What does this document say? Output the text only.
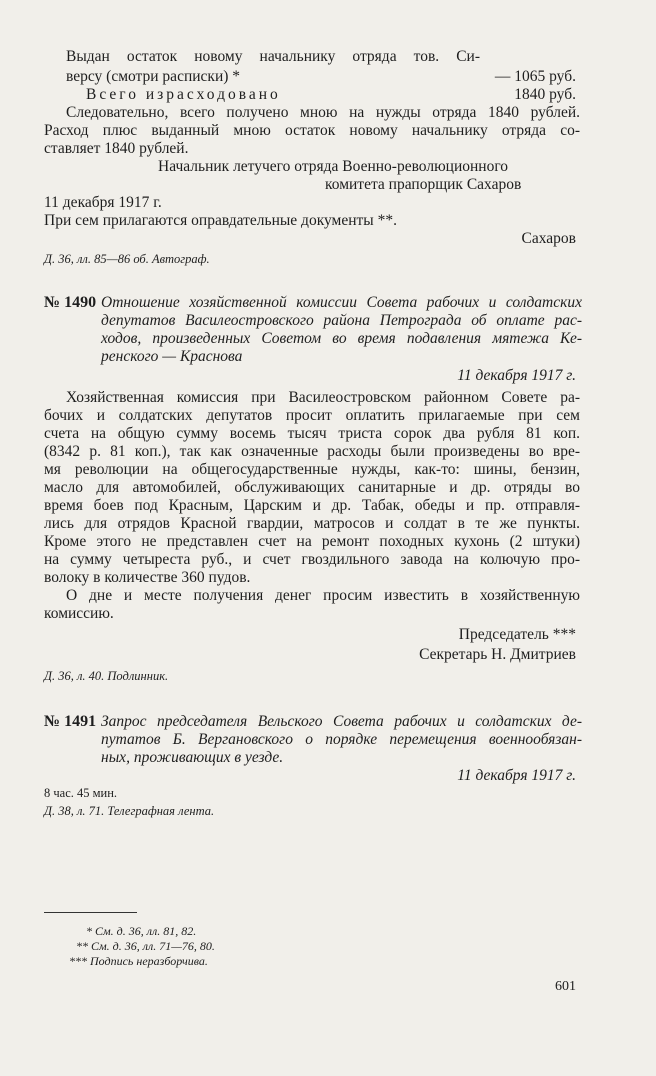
Выдан остаток новому начальнику отряда тов. Си-
версу (смотри расписки) *	— 1065 руб.
Всего израсходовано	1840 руб.
Следовательно, всего получено мною на нужды отряда 1840 рублей.
Расход плюс выданный мною остаток новому начальнику отряда со-
ставляет 1840 рублей.
Начальник летучего отряда Военно-революционного
комитета прапорщик Сахаров
11 декабря 1917 г.
При сем прилагаются оправдательные документы **.
Сахаров
Д. 36, лл. 85—86 об. Автограф.
№ 1490 Отношение хозяйственной комиссии Совета рабочих и солдатских
депутатов Василеостровского района Петрограда об оплате рас-
ходов, произведенных Советом во время подавления мятежа Ке-
ренского — Краснова
11 декабря 1917 г.
Хозяйственная комиссия при Василеостровском районном Совете ра-
бочих и солдатских депутатов просит оплатить прилагаемые при сем
счета на общую сумму восемь тысяч триста сорок два рубля 81 коп.
(8342 р. 81 коп.), так как означенные расходы были произведены во вре-
мя революции на общегосударственные нужды, как-то: шины, бензин,
масло для автомобилей, обслуживающих санитарные и др. отряды во
время боев под Красным, Царским и др. Табак, обеды и пр. отправля-
лись для отрядов Красной гвардии, матросов и солдат в те же пункты.
Кроме этого не представлен счет на ремонт походных кухонь (2 штуки)
на сумму четыреста руб., и счет гвоздильного завода на колючую про-
волоку в количестве 360 пудов.
О дне и месте получения денег просим известить в хозяйственную
комиссию.
Председатель ***
Секретарь Н. Дмитриев
Д. 36, л. 40. Подлинник.
№ 1491 Запрос председателя Вельского Совета рабочих и солдатских де-
путатов Б. Вергановского о порядке перемещения военнообязан-
ных, проживающих в уезде.
11 декабря 1917 г.
8 час. 45 мин.
Д. 38, л. 71. Телеграфная лента.
* См. д. 36, лл. 81, 82.
** См. д. 36, лл. 71—76, 80.
*** Подпись неразборчива.
601
